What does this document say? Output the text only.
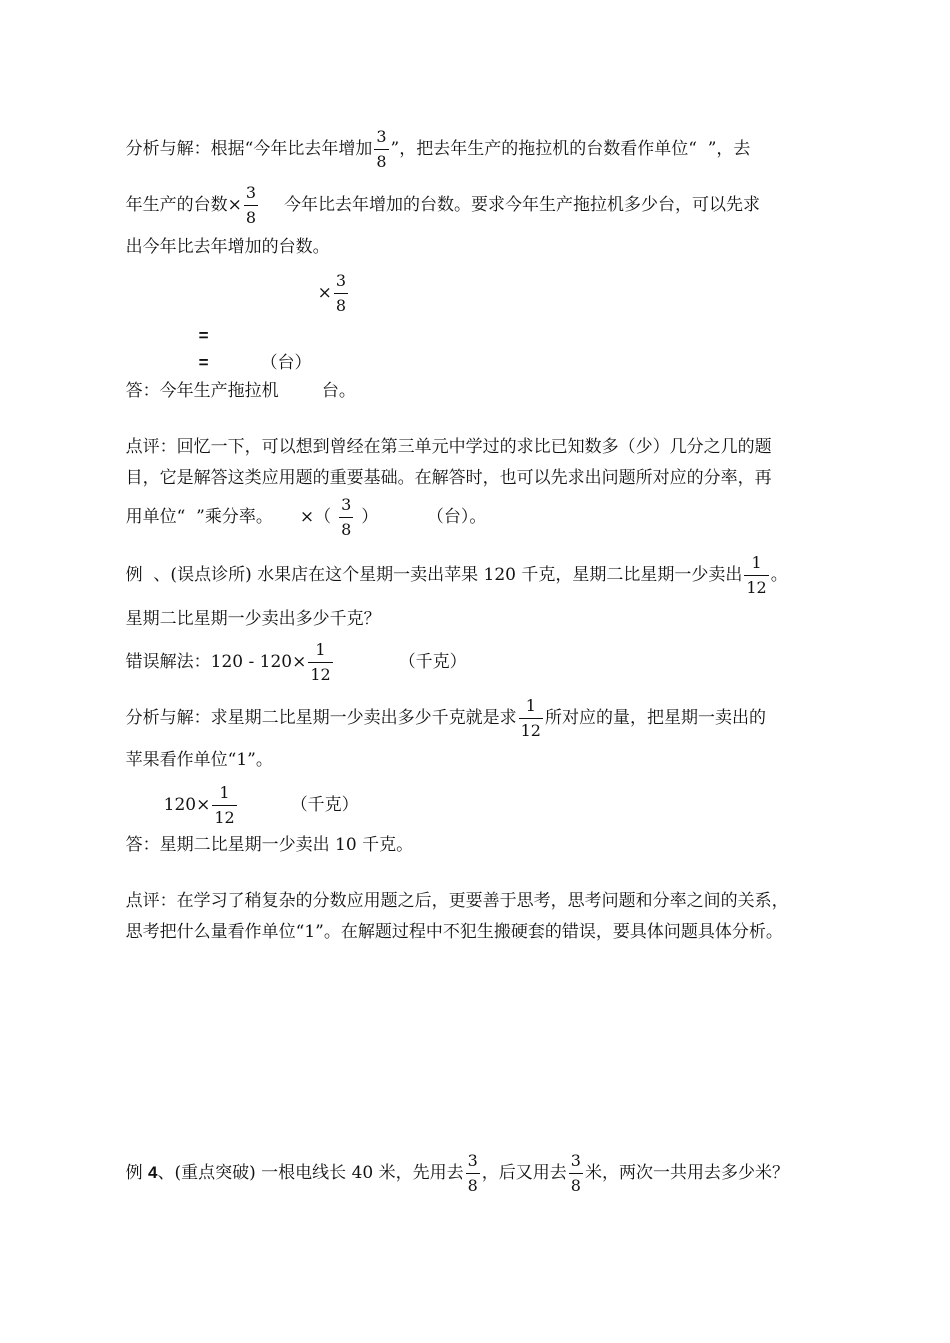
分析与解：根据“今年比去年增加 $\frac{3}{8}$ ”，把去年生产的拖拉机的台数看作单位“  ”，去

年生产的台数× $\frac{3}{8}$ 今年比去年增加的台数。要求今年生产拖拉机多少台，可以先求

出今年比去年增加的台数。

× $\frac{3}{8}$

=

=	（台）

答：今年生产拖拉机        台。

点评：回忆一下，可以想到曾经在第三单元中学过的求比已知数多（少）几分之几的题

目，它是解答这类应用题的重要基础。在解答时，也可以先求出问题所对应的分率，再

用单位“  ”乘分率。     ×（ $\frac{3}{8}$ ）         （台）。

例  、(误点诊所) 水果店在这个星期一卖出苹果 120 千克，星期二比星期一少卖出 $\frac{1}{12}$ 。

星期二比星期一少卖出多少千克？

错误解法：$120 - 120\times \frac{1}{12}$	（千克）

分析与解：求星期二比星期一少卖出多少千克就是求 $\frac{1}{12}$ 所对应的量，把星期一卖出的

苹果看作单位“1”。

$120\times \frac{1}{12}$	（千克）

答：星期二比星期一少卖出 10 千克。

点评：在学习了稍复杂的分数应用题之后，更要善于思考，思考问题和分率之间的关系，

思考把什么量看作单位“1”。在解题过程中不犯生搬硬套的错误，要具体问题具体分析。

例 4、(重点突破) 一根电线长 40 米，先用去 $\frac{3}{8}$ ，后又用去 $\frac{3}{8}$ 米，两次一共用去多少米？
